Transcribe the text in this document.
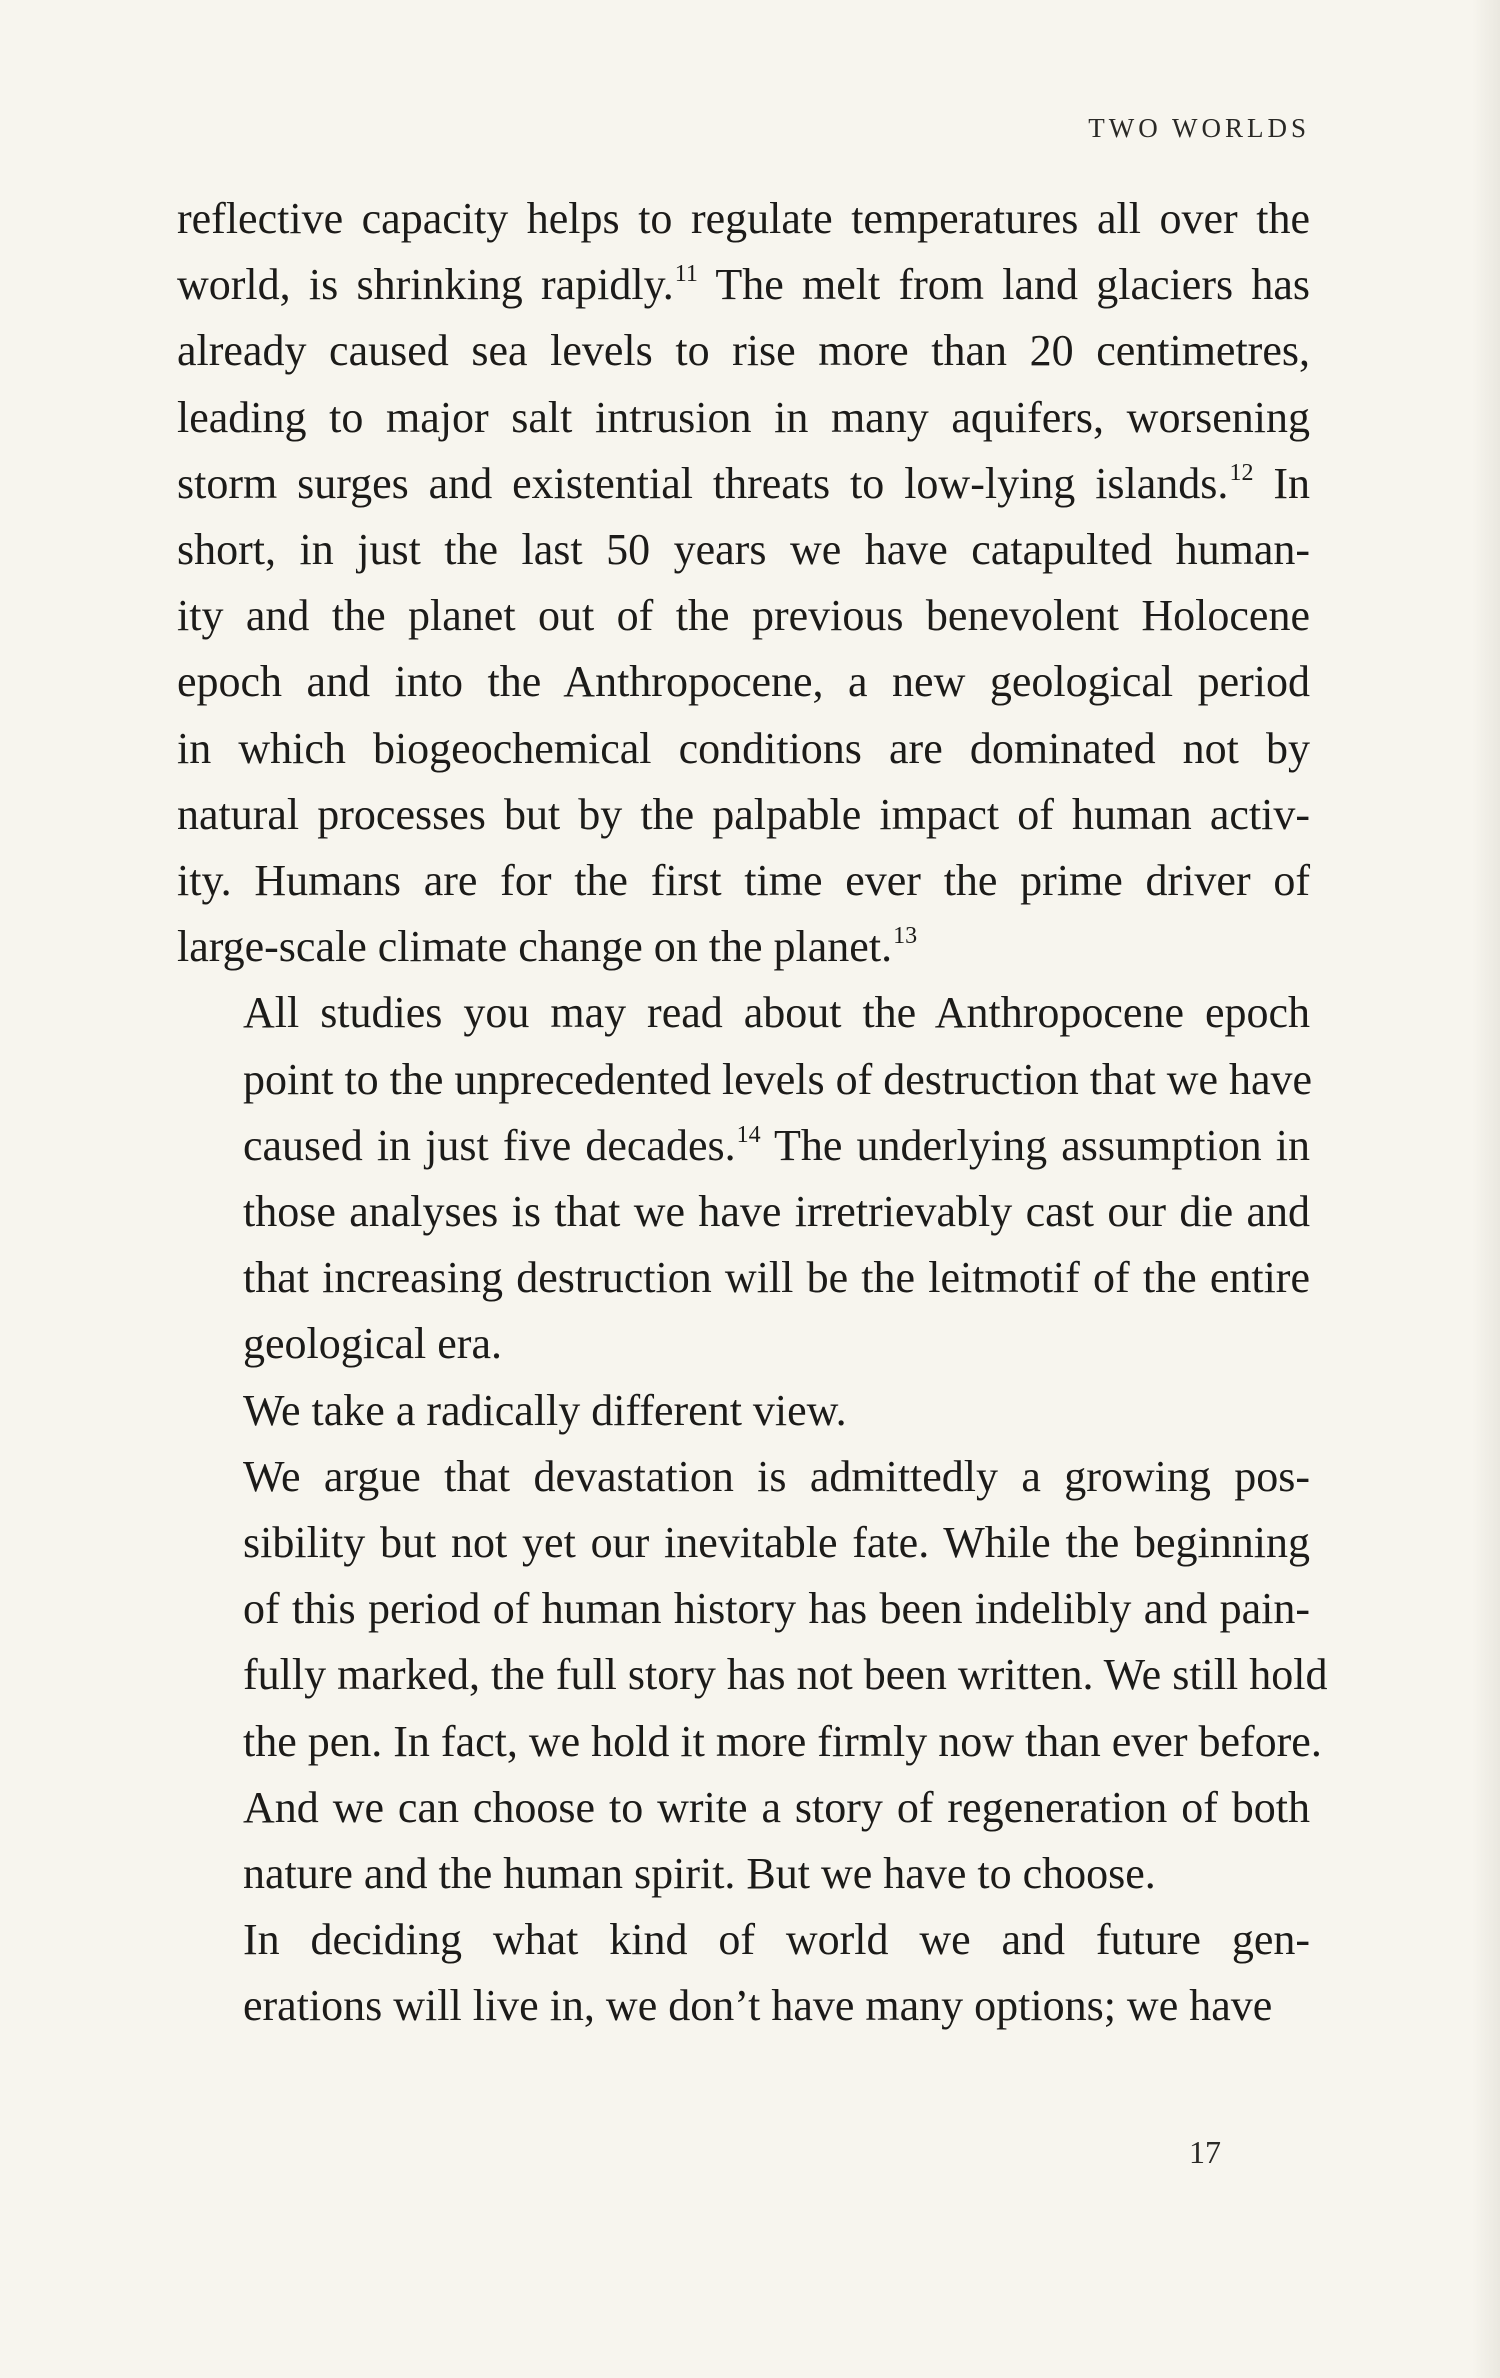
TWO WORLDS

reflective capacity helps to regulate temperatures all over the
world, is shrinking rapidly.$^{11}$ The melt from land glaciers has
already caused sea levels to rise more than 20 centimetres,
leading to major salt intrusion in many aquifers, worsening
storm surges and existential threats to low-lying islands.$^{12}$ In
short, in just the last 50 years we have catapulted human-
ity and the planet out of the previous benevolent Holocene
epoch and into the Anthropocene, a new geological period
in which biogeochemical conditions are dominated not by
natural processes but by the palpable impact of human activ-
ity. Humans are for the first time ever the prime driver of
large-scale climate change on the planet.$^{13}$

All studies you may read about the Anthropocene epoch
point to the unprecedented levels of destruction that we have
caused in just five decades.$^{14}$ The underlying assumption in
those analyses is that we have irretrievably cast our die and
that increasing destruction will be the leitmotif of the entire
geological era.

We take a radically different view.

We argue that devastation is admittedly a growing pos-
sibility but not yet our inevitable fate. While the beginning
of this period of human history has been indelibly and pain-
fully marked, the full story has not been written. We still hold
the pen. In fact, we hold it more firmly now than ever before.
And we can choose to write a story of regeneration of both
nature and the human spirit. But we have to choose.

In deciding what kind of world we and future gen-
erations will live in, we don’t have many options; we have

17
